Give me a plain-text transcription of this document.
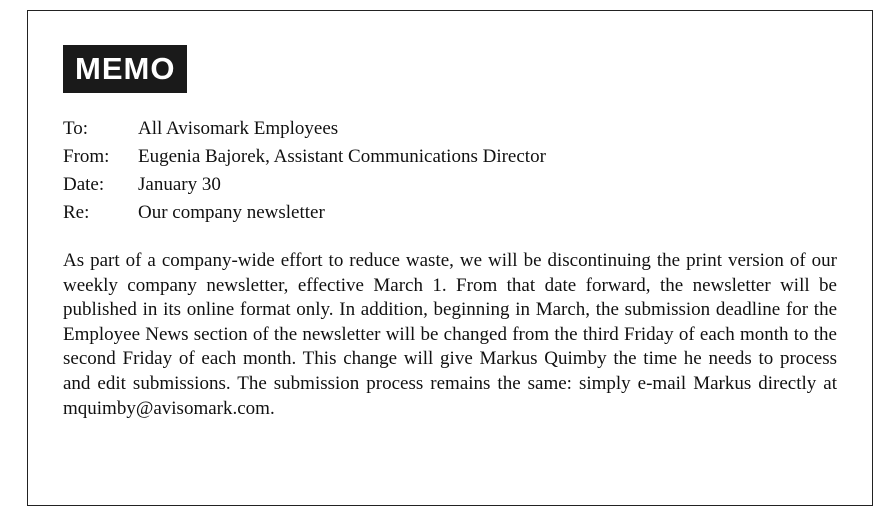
MEMO
To:	All Avisomark Employees
From:	Eugenia Bajorek, Assistant Communications Director
Date:	January 30
Re:	Our company newsletter

As part of a company-wide effort to reduce waste, we will be discontinuing the print version of our weekly company newsletter, effective March 1. From that date forward, the newsletter will be published in its online format only. In addition, beginning in March, the submission deadline for the Employee News section of the newsletter will be changed from the third Friday of each month to the second Friday of each month. This change will give Markus Quimby the time he needs to process and edit submissions. The submission process remains the same: simply e-mail Markus directly at mquimby@avisomark.com.
